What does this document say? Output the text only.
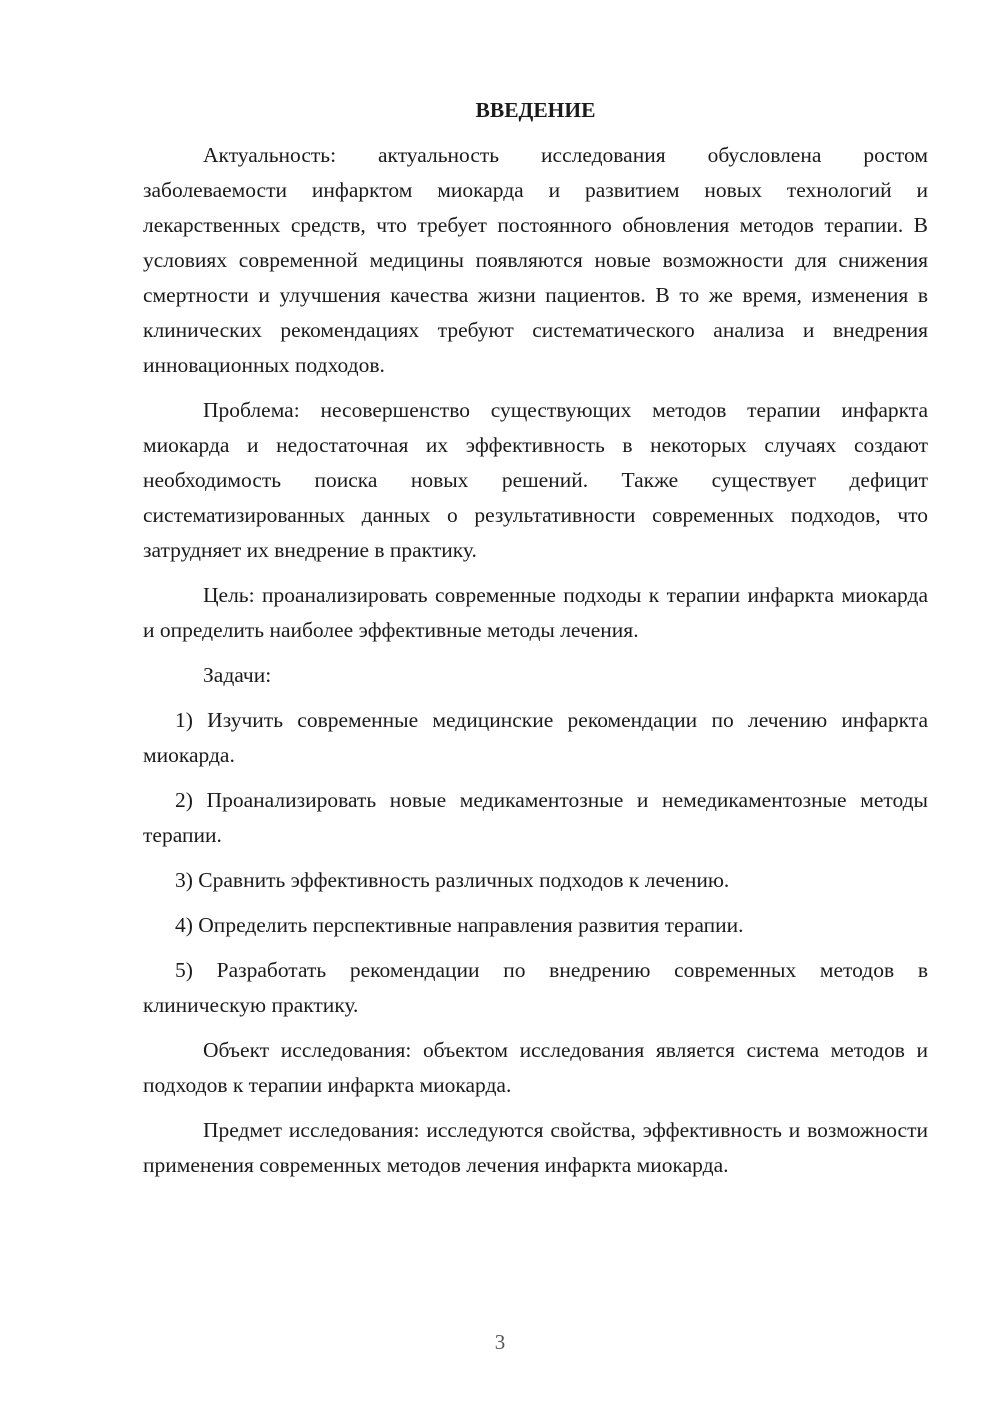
ВВЕДЕНИЕ

Актуальность: актуальность исследования обусловлена ростом заболеваемости инфарктом миокарда и развитием новых технологий и лекарственных средств, что требует постоянного обновления методов терапии. В условиях современной медицины появляются новые возможности для снижения смертности и улучшения качества жизни пациентов. В то же время, изменения в клинических рекомендациях требуют систематического анализа и внедрения инновационных подходов.

Проблема: несовершенство существующих методов терапии инфаркта миокарда и недостаточная их эффективность в некоторых случаях создают необходимость поиска новых решений. Также существует дефицит систематизированных данных о результативности современных подходов, что затрудняет их внедрение в практику.

Цель: проанализировать современные подходы к терапии инфаркта миокарда и определить наиболее эффективные методы лечения.

Задачи:

1) Изучить современные медицинские рекомендации по лечению инфаркта миокарда.

2) Проанализировать новые медикаментозные и немедикаментозные методы терапии.

3) Сравнить эффективность различных подходов к лечению.

4) Определить перспективные направления развития терапии.

5) Разработать рекомендации по внедрению современных методов в клиническую практику.

Объект исследования: объектом исследования является система методов и подходов к терапии инфаркта миокарда.

Предмет исследования: исследуются свойства, эффективность и возможности применения современных методов лечения инфаркта миокарда.

3
